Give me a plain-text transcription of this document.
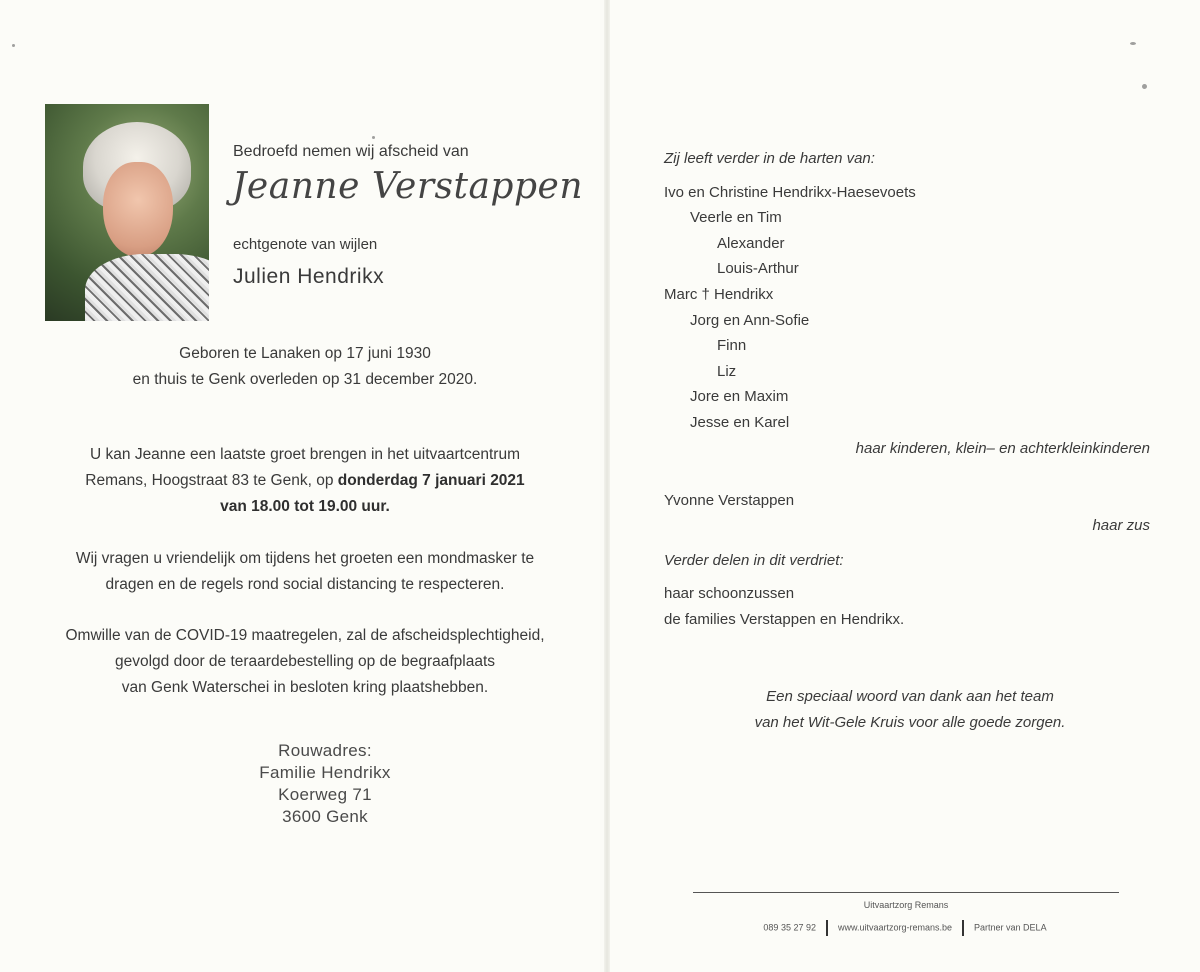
Bedroefd nemen wij afscheid van
Jeanne Verstappen
echtgenote van wijlen
Julien Hendrikx
Geboren te Lanaken op 17 juni 1930
en thuis te Genk overleden op 31 december 2020.
U kan Jeanne een laatste groet brengen in het uitvaartcentrum
Remans, Hoogstraat 83 te Genk, op donderdag 7 januari 2021
van 18.00 tot 19.00 uur.
Wij vragen u vriendelijk om tijdens het groeten een mondmasker te
dragen en de regels rond social distancing te respecteren.
Omwille van de COVID-19 maatregelen, zal de afscheidsplechtigheid,
gevolgd door de teraardebestelling op de begraafplaats
van Genk Waterschei in besloten kring plaatshebben.
Rouwadres:
Familie Hendrikx
Koerweg 71
3600 Genk
Zij leeft verder in de harten van:
Ivo en Christine Hendrikx-Haesevoets
Veerle en Tim
Alexander
Louis-Arthur
Marc † Hendrikx
Jorg en Ann-Sofie
Finn
Liz
Jore en Maxim
Jesse en Karel
haar kinderen, klein– en achterkleinkinderen
Yvonne Verstappen
haar zus
Verder delen in dit verdriet:
haar schoonzussen
de families Verstappen en Hendrikx.
Een speciaal woord van dank aan het team
van het Wit-Gele Kruis voor alle goede zorgen.
Uitvaartzorg Remans
089 35 27 92 www.uitvaartzorg-remans.be Partner van DELA
